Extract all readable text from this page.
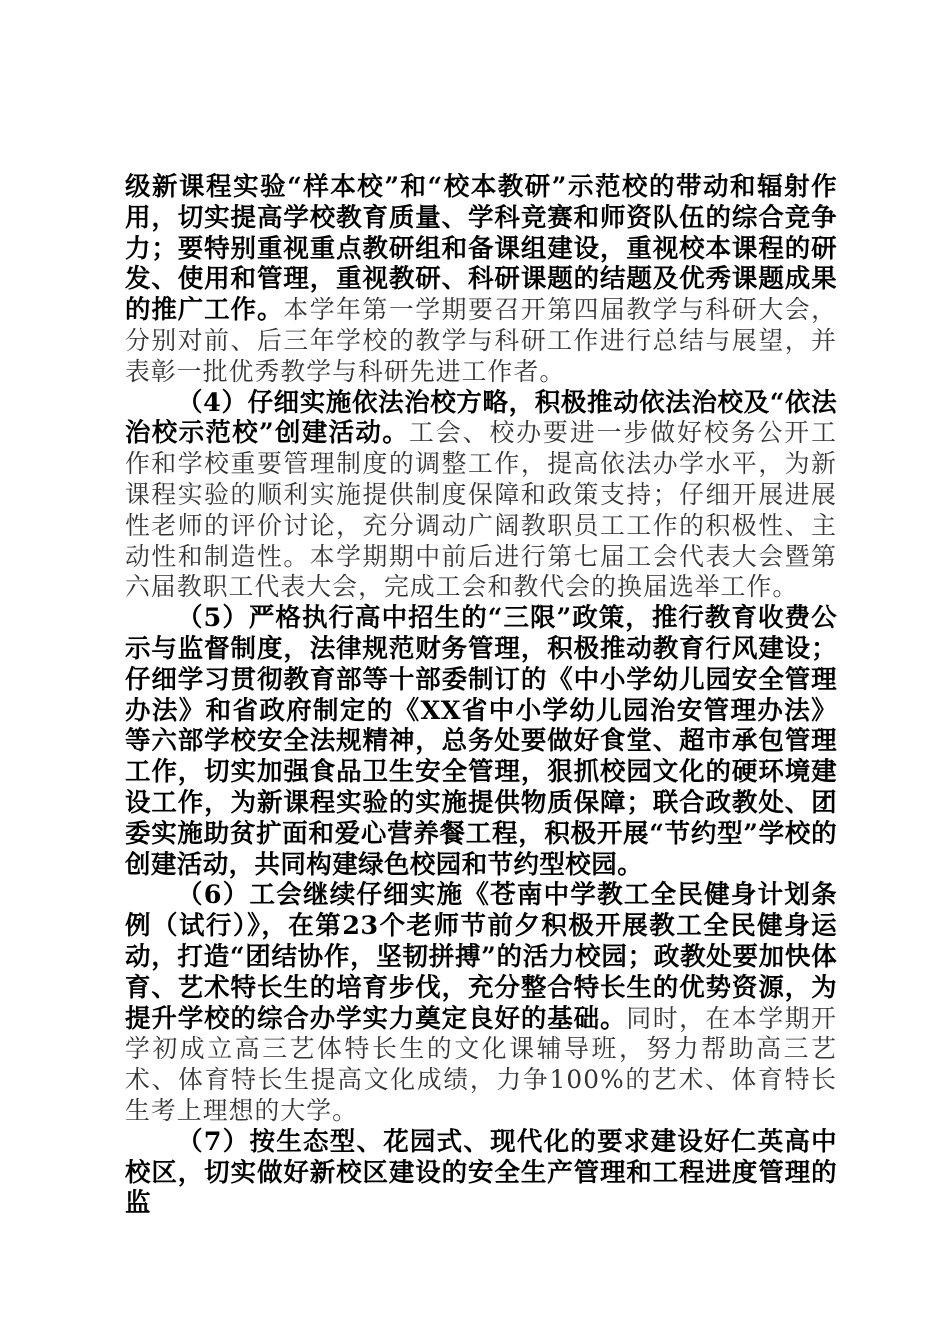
级新课程实验“样本校”和“校本教研”示范校的带动和辐射作用，切实提高学校教育质量、学科竞赛和师资队伍的综合竞争力；要特别重视重点教研组和备课组建设，重视校本课程的研发、使用和管理，重视教研、科研课题的结题及优秀课题成果的推广工作。本学年第一学期要召开第四届教学与科研大会，分别对前、后三年学校的教学与科研工作进行总结与展望，并表彰一批优秀教学与科研先进工作者。

（4）仔细实施依法治校方略，积极推动依法治校及“依法治校示范校”创建活动。工会、校办要进一步做好校务公开工作和学校重要管理制度的调整工作，提高依法办学水平，为新课程实验的顺利实施提供制度保障和政策支持；仔细开展进展性老师的评价讨论，充分调动广阔教职员工工作的积极性、主动性和制造性。本学期期中前后进行第七届工会代表大会暨第六届教职工代表大会，完成工会和教代会的换届选举工作。

（5）严格执行高中招生的“三限”政策，推行教育收费公示与监督制度，法律规范财务管理，积极推动教育行风建设；仔细学习贯彻教育部等十部委制订的《中小学幼儿园安全管理办法》和省政府制定的《XX省中小学幼儿园治安管理办法》等六部学校安全法规精神，总务处要做好食堂、超市承包管理工作，切实加强食品卫生安全管理，狠抓校园文化的硬环境建设工作，为新课程实验的实施提供物质保障；联合政教处、团委实施助贫扩面和爱心营养餐工程，积极开展“节约型”学校的创建活动，共同构建绿色校园和节约型校园。

（6）工会继续仔细实施《苍南中学教工全民健身计划条例（试行）》，在第23个老师节前夕积极开展教工全民健身运动，打造“团结协作，坚韧拼搏”的活力校园；政教处要加快体育、艺术特长生的培育步伐，充分整合特长生的优势资源，为提升学校的综合办学实力奠定良好的基础。同时，在本学期开学初成立高三艺体特长生的文化课辅导班，努力帮助高三艺术、体育特长生提高文化成绩，力争100%的艺术、体育特长生考上理想的大学。

（7）按生态型、花园式、现代化的要求建设好仁英高中校区，切实做好新校区建设的安全生产管理和工程进度管理的监
